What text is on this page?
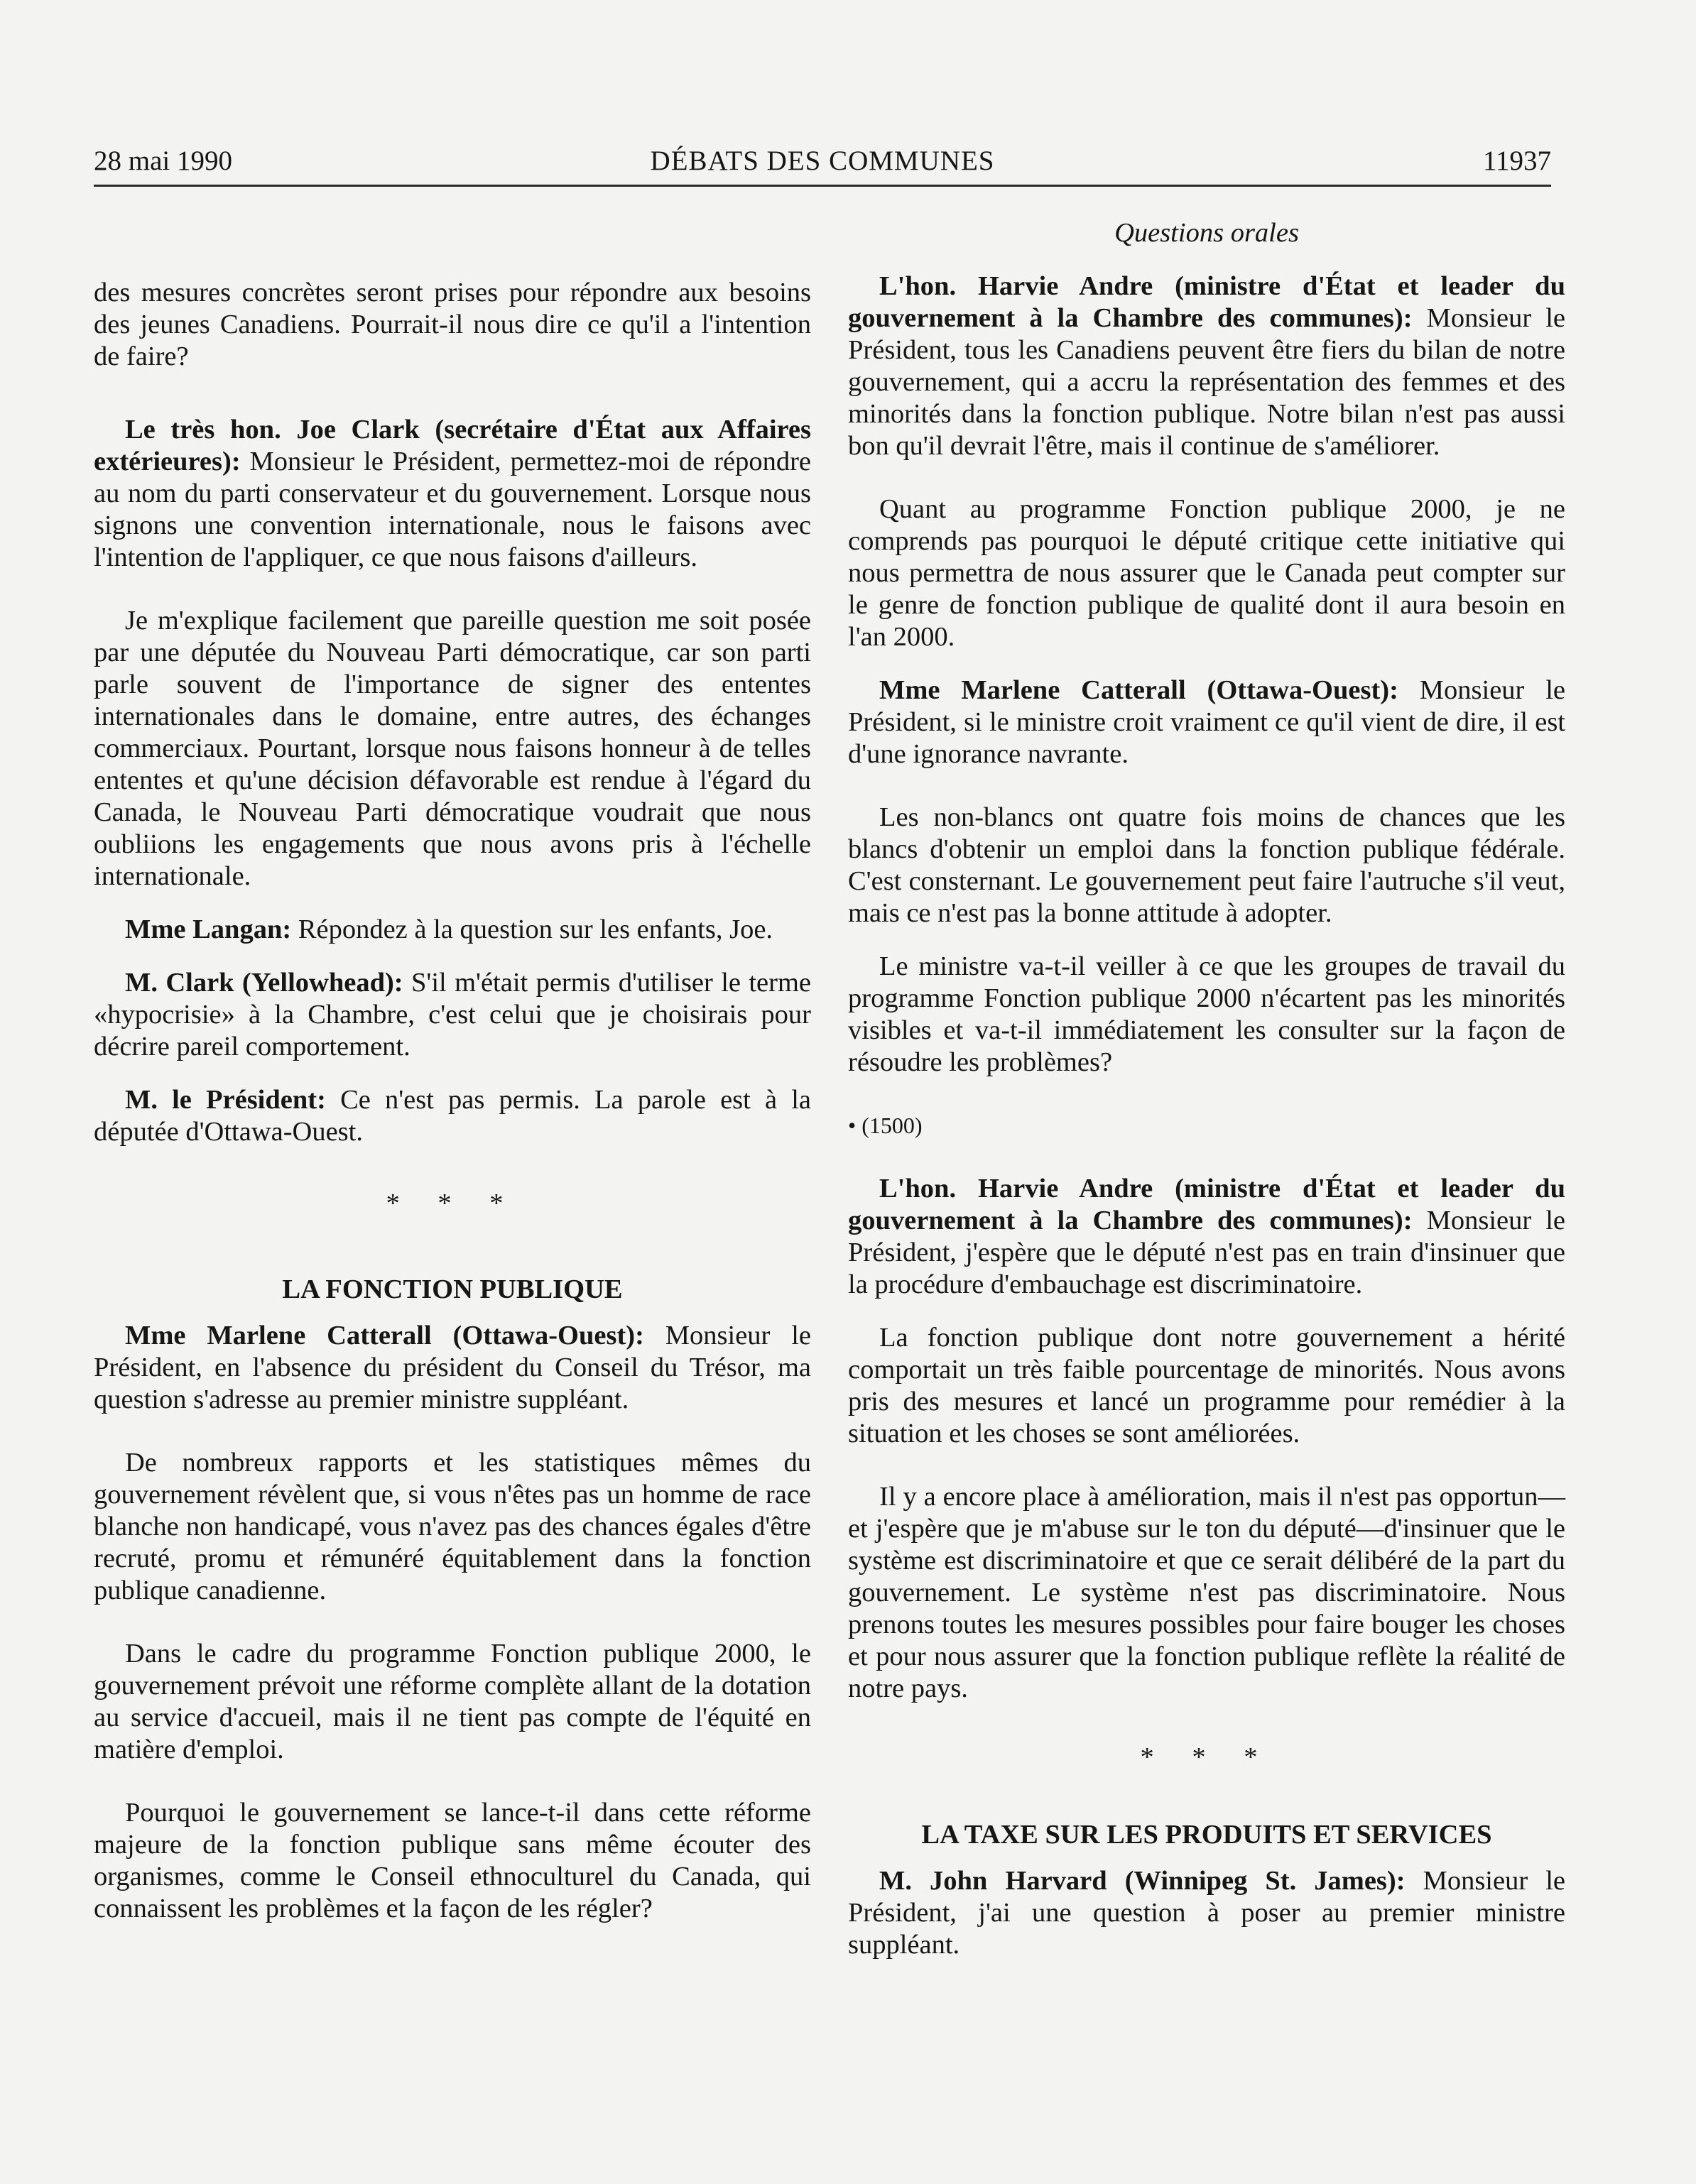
28 mai 1990	DÉBATS DES COMMUNES	11937

des mesures concrètes seront prises pour répondre aux besoins des jeunes Canadiens. Pourrait-il nous dire ce qu'il a l'intention de faire?

Le très hon. Joe Clark (secrétaire d'État aux Affaires extérieures): Monsieur le Président, permettez-moi de répondre au nom du parti conservateur et du gouvernement. Lorsque nous signons une convention internationale, nous le faisons avec l'intention de l'appliquer, ce que nous faisons d'ailleurs.

Je m'explique facilement que pareille question me soit posée par une députée du Nouveau Parti démocratique, car son parti parle souvent de l'importance de signer des ententes internationales dans le domaine, entre autres, des échanges commerciaux. Pourtant, lorsque nous faisons honneur à de telles ententes et qu'une décision défavorable est rendue à l'égard du Canada, le Nouveau Parti démocratique voudrait que nous oubliions les engagements que nous avons pris à l'échelle internationale.

Mme Langan: Répondez à la question sur les enfants, Joe.

M. Clark (Yellowhead): S'il m'était permis d'utiliser le terme «hypocrisie» à la Chambre, c'est celui que je choisirais pour décrire pareil comportement.

M. le Président: Ce n'est pas permis. La parole est à la députée d'Ottawa-Ouest.

* * *

LA FONCTION PUBLIQUE

Mme Marlene Catterall (Ottawa-Ouest): Monsieur le Président, en l'absence du président du Conseil du Trésor, ma question s'adresse au premier ministre suppléant.

De nombreux rapports et les statistiques mêmes du gouvernement révèlent que, si vous n'êtes pas un homme de race blanche non handicapé, vous n'avez pas des chances égales d'être recruté, promu et rémunéré équitablement dans la fonction publique canadienne.

Dans le cadre du programme Fonction publique 2000, le gouvernement prévoit une réforme complète allant de la dotation au service d'accueil, mais il ne tient pas compte de l'équité en matière d'emploi.

Pourquoi le gouvernement se lance-t-il dans cette réforme majeure de la fonction publique sans même écouter des organismes, comme le Conseil ethnoculturel du Canada, qui connaissent les problèmes et la façon de les régler?

Questions orales

L'hon. Harvie Andre (ministre d'État et leader du gouvernement à la Chambre des communes): Monsieur le Président, tous les Canadiens peuvent être fiers du bilan de notre gouvernement, qui a accru la représentation des femmes et des minorités dans la fonction publique. Notre bilan n'est pas aussi bon qu'il devrait l'être, mais il continue de s'améliorer.

Quant au programme Fonction publique 2000, je ne comprends pas pourquoi le député critique cette initiative qui nous permettra de nous assurer que le Canada peut compter sur le genre de fonction publique de qualité dont il aura besoin en l'an 2000.

Mme Marlene Catterall (Ottawa-Ouest): Monsieur le Président, si le ministre croit vraiment ce qu'il vient de dire, il est d'une ignorance navrante.

Les non-blancs ont quatre fois moins de chances que les blancs d'obtenir un emploi dans la fonction publique fédérale. C'est consternant. Le gouvernement peut faire l'autruche s'il veut, mais ce n'est pas la bonne attitude à adopter.

Le ministre va-t-il veiller à ce que les groupes de travail du programme Fonction publique 2000 n'écartent pas les minorités visibles et va-t-il immédiatement les consulter sur la façon de résoudre les problèmes?

• (1500)

L'hon. Harvie Andre (ministre d'État et leader du gouvernement à la Chambre des communes): Monsieur le Président, j'espère que le député n'est pas en train d'insinuer que la procédure d'embauchage est discriminatoire.

La fonction publique dont notre gouvernement a hérité comportait un très faible pourcentage de minorités. Nous avons pris des mesures et lancé un programme pour remédier à la situation et les choses se sont améliorées.

Il y a encore place à amélioration, mais il n'est pas opportun—et j'espère que je m'abuse sur le ton du député—d'insinuer que le système est discriminatoire et que ce serait délibéré de la part du gouvernement. Le système n'est pas discriminatoire. Nous prenons toutes les mesures possibles pour faire bouger les choses et pour nous assurer que la fonction publique reflète la réalité de notre pays.

* * *

LA TAXE SUR LES PRODUITS ET SERVICES

M. John Harvard (Winnipeg St. James): Monsieur le Président, j'ai une question à poser au premier ministre suppléant.
